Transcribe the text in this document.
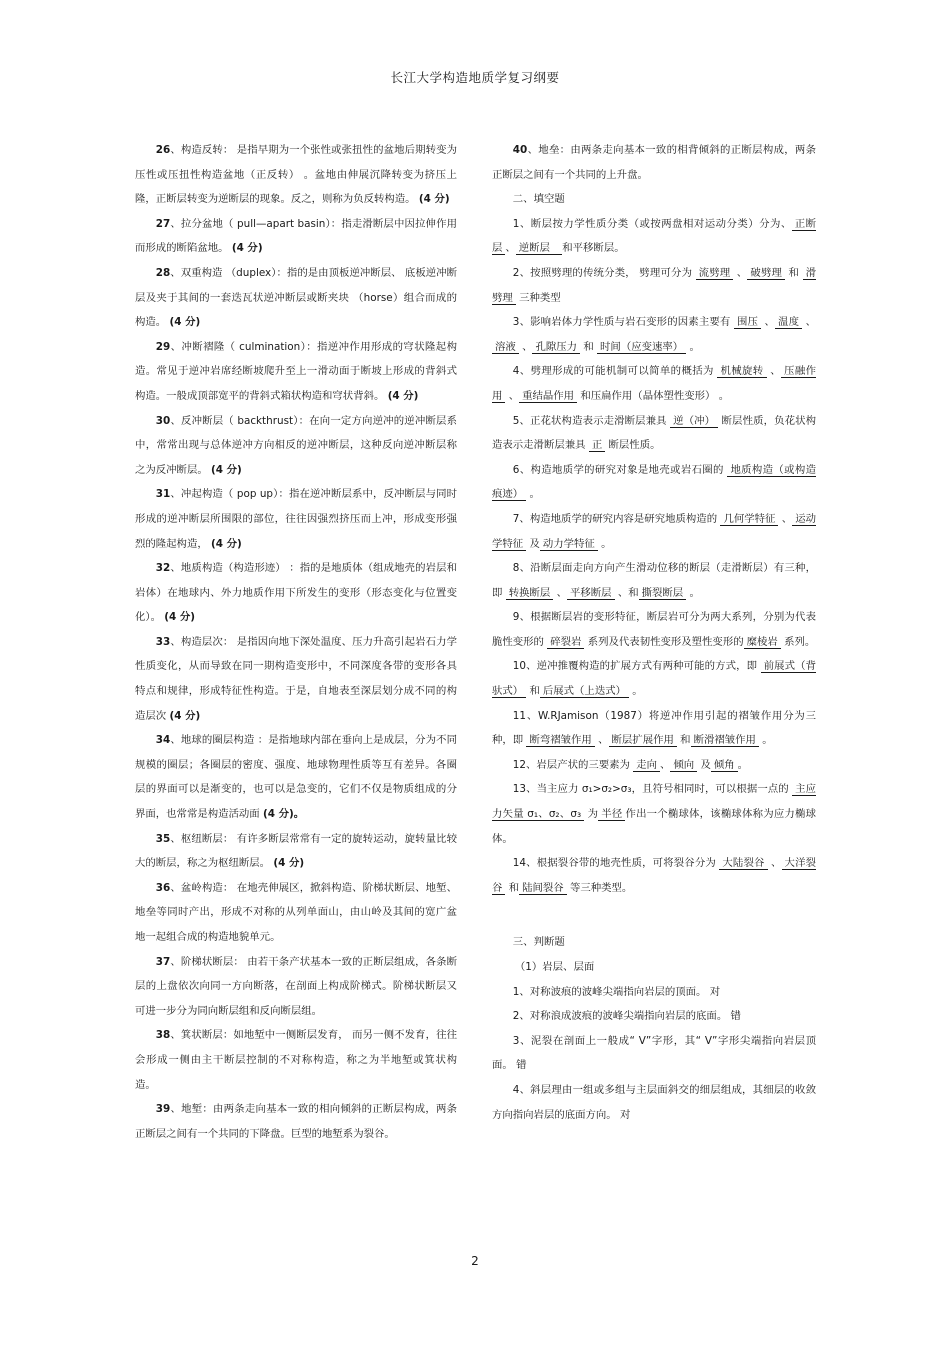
长江大学构造地质学复习纲要

26、构造反转： 是指早期为一个张性或张扭性的盆地后期转变为压性或压扭性构造盆地（正反转） 。盆地由伸展沉降转变为挤压上隆，正断层转变为逆断层的现象。反之，则称为负反转构造。 (4 分)

27、拉分盆地（ pull—apart basin）：指走滑断层中因拉伸作用而形成的断陷盆地。 (4 分)

28、双重构造 （duplex）：指的是由顶板逆冲断层、 底板逆冲断层及夹于其间的一套迭瓦状逆冲断层或断夹块 （horse）组合而成的构造。 (4 分)

29、冲断褶隆（ culmination）：指逆冲作用形成的穹状隆起构造。常见于逆冲岩席经断坡爬升至上一滑动面于断坡上形成的背斜式构造。一般成顶部宽平的背斜式箱状构造和穹状背斜。 (4 分)

30、反冲断层（ backthrust）：在向一定方向逆冲的逆冲断层系中，常常出现与总体逆冲方向相反的逆冲断层，这种反向逆冲断层称之为反冲断层。 (4 分)

31、冲起构造（ pop up）：指在逆冲断层系中，反冲断层与同时形成的逆冲断层所围限的部位，往往因强烈挤压而上冲，形成变形强烈的隆起构造， (4 分)

32、地质构造（构造形迹） ：指的是地质体（组成地壳的岩层和岩体）在地球内、外力地质作用下所发生的变形（形态变化与位置变化）。 (4 分)

33、构造层次： 是指因向地下深处温度、压力升高引起岩石力学性质变化，从而导致在同一期构造变形中，不同深度各带的变形各具特点和规律，形成特征性构造。于是，自地表至深层划分成不同的构造层次 (4 分)

34、地球的圈层构造 ：是指地球内部在垂向上是成层，分为不同规模的圈层；各圈层的密度、强度、地球物理性质等互有差异。各圈层的界面可以是渐变的，也可以是急变的，它们不仅是物质组成的分界面，也常常是构造活动面 (4 分)。

35、枢纽断层： 有许多断层常常有一定的旋转运动，旋转量比较大的断层，称之为枢纽断层。 (4 分)

36、盆岭构造： 在地壳伸展区，掀斜构造、阶梯状断层、地堑、地垒等同时产出，形成不对称的从列单面山，由山岭及其间的宽广盆地一起组合成的构造地貌单元。

37、阶梯状断层： 由若干条产状基本一致的正断层组成，各条断层的上盘依次向同一方向断落，在剖面上构成阶梯式。阶梯状断层又可进一步分为同向断层组和反向断层组。

38、箕状断层：如地堑中一侧断层发育， 而另一侧不发育，往往会形成一侧由主干断层控制的不对称构造，称之为半地堑或箕状构造。

39、地堑：由两条走向基本一致的相向倾斜的正断层构成，两条正断层之间有一个共同的下降盘。巨型的地堑系为裂谷。

40、地垒：由两条走向基本一致的相背倾斜的正断层构成，两条正断层之间有一个共同的上升盘。

二、填空题

1、断层按力学性质分类（或按两盘相对运动分类）分为、 正断层 、 逆断层 和平移断层。

2、按照劈理的传统分类， 劈理可分为 流劈理 、 破劈理 和 滑劈理 三种类型

3、影响岩体力学性质与岩石变形的因素主要有 围压 、 温度 、溶液 、 孔隙压力 和 时间（应变速率） 。

4、劈理形成的可能机制可以简单的概括为 机械旋转 、 压融作用 、 重结晶作用 和压扁作用（晶体塑性变形） 。

5、正花状构造表示走滑断层兼具 逆（冲） 断层性质，负花状构造表示走滑断层兼具 正 断层性质。

6、构造地质学的研究对象是地壳或岩石圈的 地质构造（或构造痕迹） 。

7、构造地质学的研究内容是研究地质构造的 几何学特征 、 运动学特征 及 动力学特征 。

8、沿断层面走向方向产生滑动位移的断层（走滑断层）有三种，即 转换断层 、 平移断层 、和 撕裂断层 。

9、根据断层岩的变形特征，断层岩可分为两大系列，分别为代表脆性变形的 碎裂岩 系列及代表韧性变形及塑性变形的 糜棱岩 系列。

10、逆冲推覆构造的扩展方式有两种可能的方式，即 前展式（背驮式） 和 后展式（上迭式） 。

11、W.RJamison（1987）将逆冲作用引起的褶皱作用分为三种，即 断弯褶皱作用 、 断层扩展作用 和 断滑褶皱作用 。

12、岩层产状的三要素为 走向 、 倾向 及 倾角 。

13、当主应力 σ₁>σ₂>σ₃，且符号相同时，可以根据一点的 主应力矢量 σ₁、σ₂、σ₃ 为 半径 作出一个椭球体，该椭球体称为应力椭球体。

14、根据裂谷带的地壳性质，可将裂谷分为 大陆裂谷 、 大洋裂谷 和 陆间裂谷 等三种类型。

三、判断题

（1）岩层、层面

1、对称波痕的波峰尖端指向岩层的顶面。 对

2、对称浪成波痕的波峰尖端指向岩层的底面。 错

3、泥裂在剖面上一般成“ V”字形，其“ V”字形尖端指向岩层顶面。 错

4、斜层理由一组或多组与主层面斜交的细层组成，其细层的收敛方向指向岩层的底面方向。 对

2
